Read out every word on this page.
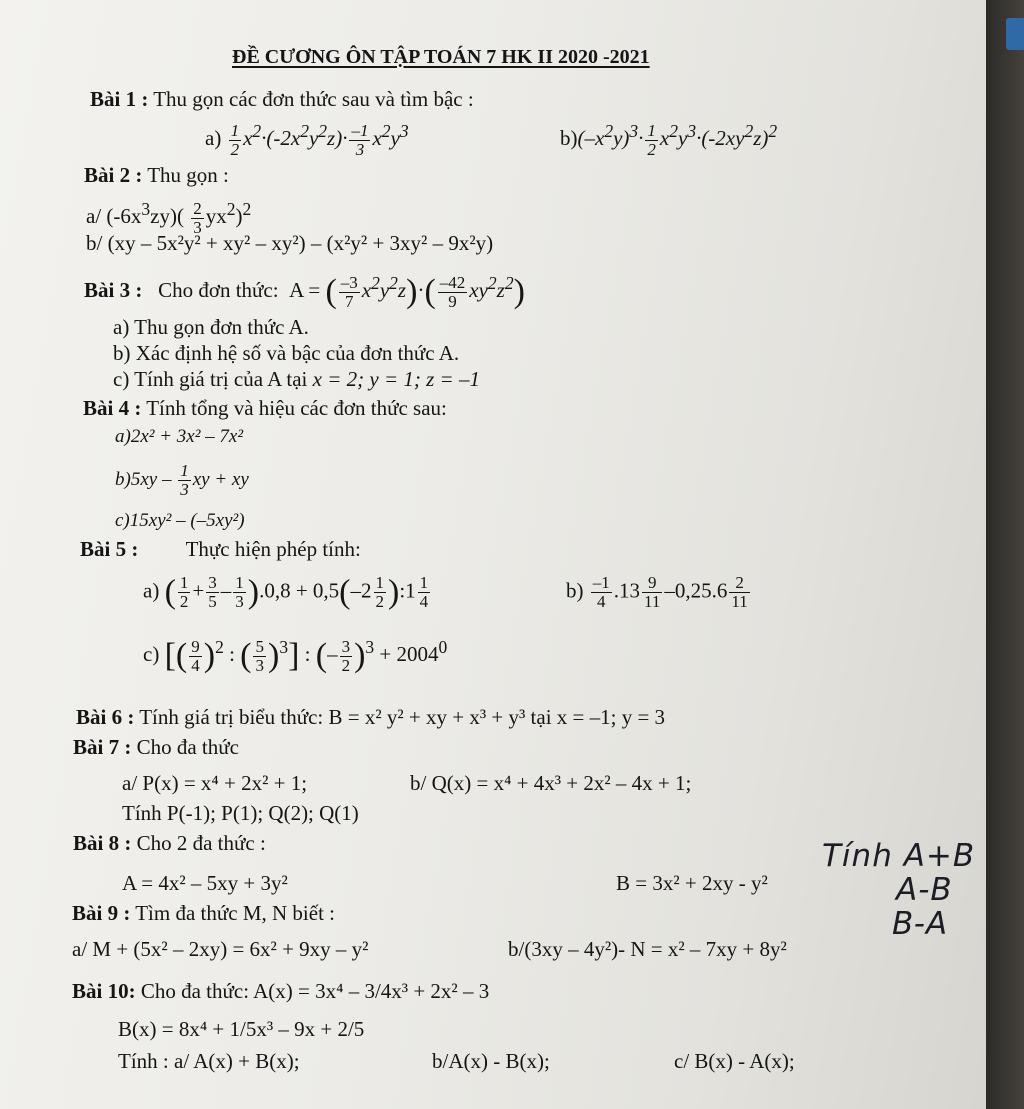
ĐỀ CƯƠNG ÔN TẬP TOÁN 7 HK II 2020 -2021
Bài 1 : Thu gọn các đơn thức sau và tìm bậc :
$a) \frac{1}{2} x^2\cdot(-2x^2y^2z)\cdot \frac{-1}{3} x^2y^3$	$b)(-x^2y)^3\cdot \frac{1}{2} x^2y^3\cdot(-2xy^2z)^2$
Bài 2 : Thu gọn :
a/ $(-6x^3zy)( \frac{2}{3} yx^2)^2$
b/ (xy – 5x²y² + xy² – xy²) – (x²y² + 3xy² – 9x²y)
Bài 3 : Cho đơn thức:  A = ( $\frac{-3}{7} x^2y^2z)\cdot( \frac{-42}{9} xy^2z^2)$
a) Thu gọn đơn thức A.
b) Xác định hệ số và bậc của đơn thức A.
c) Tính giá trị của A tại x = 2; y = 1; z = –1
Bài 4 : Tính tổng và hiệu các đơn thức sau:
a)2x² + 3x² – 7x²
$b)5xy - \frac{1}{3}$ xy + xy
c)15xy² – (–5xy²)
Bài 5 : Thực hiện phép tính:
a) ( $\frac{1}{2} + \frac{3}{5} - \frac{1}{3} ).0,8 + 0,5(-2 \frac{1}{2}$ ):1 $\frac{1}{4}$	$b) \frac{-1}{4} .13 \frac{9}{11} -0,25.6 \frac{2}{11}$
c) [( $\frac{9}{4} )^2$ : ( $\frac{5}{3} )^3$] : (– $\frac{3}{2} )^3 + 2004^0$
Bài 6 : Tính giá trị biểu thức: B = x² y² + xy + x³ + y³ tại x = –1; y = 3
Bài 7 : Cho đa thức
a/ P(x) = x⁴ + 2x² + 1;	b/ Q(x) = x⁴ + 4x³ + 2x² – 4x + 1;
Tính P(-1); P(1); Q(2); Q(1)
Bài 8 : Cho 2 đa thức :
A = 4x² – 5xy + 3y²	B = 3x² + 2xy - y²
Bài 9 : Tìm đa thức M, N biết :
a/ M + (5x² – 2xy) = 6x² + 9xy – y²	b/(3xy – 4y²)- N = x² – 7xy + 8y²
Bài 10: Cho đa thức: A(x) = 3x⁴ – 3/4x³ + 2x² – 3
B(x) = 8x⁴ + 1/5x³ – 9x + 2/5
Tính : a/ A(x) + B(x);	b/A(x) - B(x);	c/ B(x) - A(x);
Tính A+B
A-B
B-A
